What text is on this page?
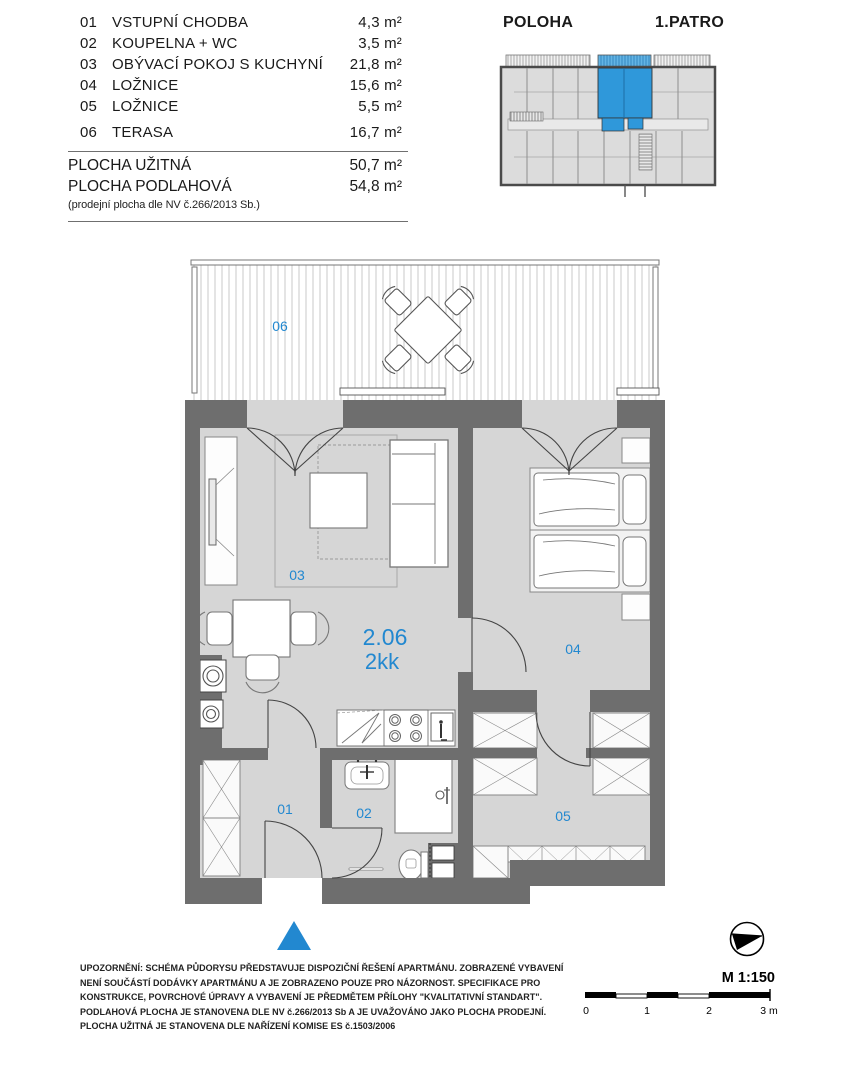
01 VSTUPNÍ CHODBA	4,3 m²
02 KOUPELNA + WC	3,5 m²
03 OBÝVACÍ POKOJ S KUCHYNÍ	21,8 m²
04 LOŽNICE	15,6 m²
05 LOŽNICE	5,5 m²
06 TERASA	16,7 m²
PLOCHA UŽITNÁ	50,7 m²
PLOCHA PODLAHOVÁ	54,8 m²
(prodejní plocha dle NV č.266/2013 Sb.)
POLOHA	1.PATRO
06
03
01	02
04
05
2.06
2kk
UPOZORNĚNÍ: SCHÉMA PŮDORYSU PŘEDSTAVUJE DISPOZIČNÍ ŘEŠENÍ APARTMÁNU. ZOBRAZENÉ VYBAVENÍ
NENÍ SOUČÁSTÍ DODÁVKY APARTMÁNU A JE ZOBRAZENO POUZE PRO NÁZORNOST. SPECIFIKACE PRO
KONSTRUKCE, POVRCHOVÉ ÚPRAVY A VYBAVENÍ JE PŘEDMĚTEM PŘÍLOHY "KVALITATIVNÍ STANDART".
PODLAHOVÁ PLOCHA JE STANOVENA DLE NV č.266/2013 Sb A JE UVAŽOVÁNO JAKO PLOCHA PRODEJNÍ.
PLOCHA UŽITNÁ JE STANOVENA DLE NAŘÍZENÍ KOMISE ES č.1503/2006
M 1:150
0	1	2	3 m
